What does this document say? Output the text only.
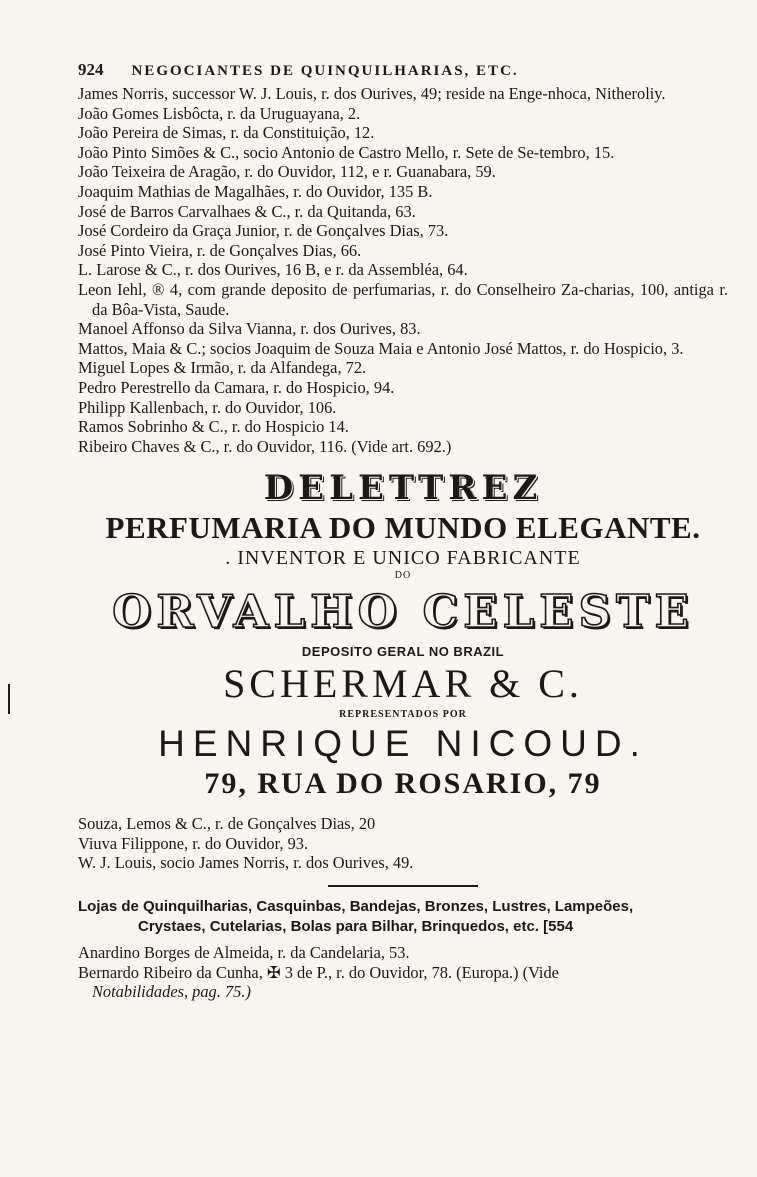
924 NEGOCIANTES DE QUINQUILHARIAS, ETC.
James Norris, successor W. J. Louis, r. dos Ourives, 49; reside na Enge-nhoca, Nitheroliy.
João Gomes Lisbôcta, r. da Uruguayana, 2.
João Pereira de Simas, r. da Constituição, 12.
João Pinto Simões & C., socio Antonio de Castro Mello, r. Sete de Se-tembro, 15.
João Teixeira de Aragão, r. do Ouvidor, 112, e r. Guanabara, 59.
Joaquim Mathias de Magalhães, r. do Ouvidor, 135 B.
José de Barros Carvalhaes & C., r. da Quitanda, 63.
José Cordeiro da Graça Junior, r. de Gonçalves Dias, 73.
José Pinto Vieira, r. de Gonçalves Dias, 66.
L. Larose & C., r. dos Ourives, 16 B, e r. da Assembléa, 64.
Leon Iehl, ® 4, com grande deposito de perfumarias, r. do Conselheiro Za-charias, 100, antiga r. da Bôa-Vista, Saude.
Manoel Affonso da Silva Vianna, r. dos Ourives, 83.
Mattos, Maia & C.; socios Joaquim de Souza Maia e Antonio José Mattos, r. do Hospicio, 3.
Miguel Lopes & Irmão, r. da Alfandega, 72.
Pedro Perestrello da Camara, r. do Hospicio, 94.
Philipp Kallenbach, r. do Ouvidor, 106.
Ramos Sobrinho & C., r. do Hospicio 14.
Ribeiro Chaves & C., r. do Ouvidor, 116. (Vide art. 692.)
DELETTREZ
PERFUMARIA DO MUNDO ELEGANTE.
. INVENTOR E UNICO FABRICANTE
DO
ORVALHO CELESTE
DEPOSITO GERAL NO BRAZIL
SCHERMAR & C.
REPRESENTADOS POR
HENRIQUE NICOUD.
79, RUA DO ROSARIO, 79
Souza, Lemos & C., r. de Gonçalves Dias, 20
Viuva Filippone, r. do Ouvidor, 93.
W. J. Louis, socio James Norris, r. dos Ourives, 49.
Lojas de Quinquilharias, Casquinbas, Bandejas, Bronzes, Lustres, Lampeões,
Crystaes, Cutelarias, Bolas para Bilhar, Brinquedos, etc. [554
Anardino Borges de Almeida, r. da Candelaria, 53.
Bernardo Ribeiro da Cunha, ✠ 3 de P., r. do Ouvidor, 78. (Europa.) (Vide
Notabilidades, pag. 75.)
